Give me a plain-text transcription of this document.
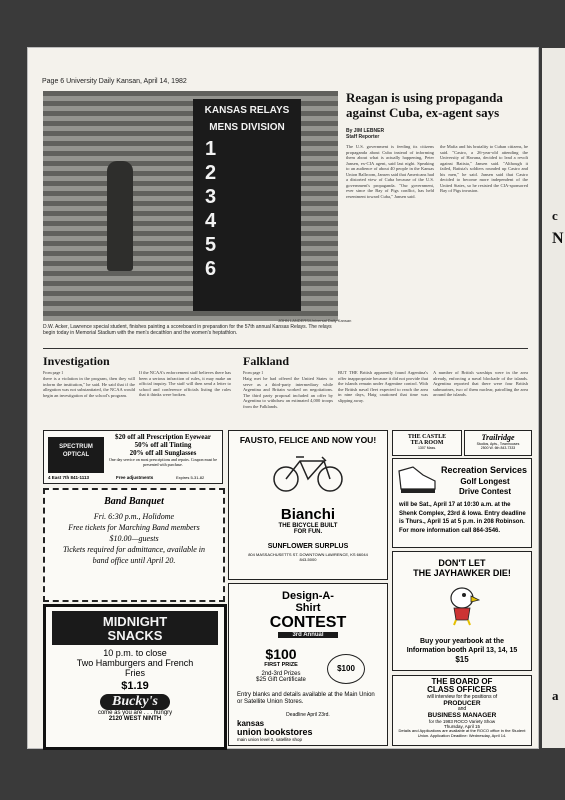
Page 6 University Daily Kansan, April 14, 1982
KANSAS RELAYS
MENS DIVISION
1
2
3
4
5
6
JOHN LANDERS/Universal Daily Kansan
D.W. Acker, Lawrence special student, finishes painting a scoreboard in preparation for the 57th annual Kansas Relays. The relays begin today in Memorial Stadium with the men's decathlon and the women's heptathlon.
Reagan is using propaganda against Cuba, ex-agent says
By JIM LEBNER
Staff Reporter
The U.S. government is feeding its citizens propaganda about Cuba instead of informing them about what is actually happening, Peter Jansen, ex-CIA agent, said last night. Speaking to an audience of about 40 people in the Kansas Union Ballroom, Jansen said that Americans had a distorted view of Cuba because of the U.S. government's propaganda. "Our government, ever since the Bay of Pigs conflict, has held resentment toward Cuba," Jansen said.
the Mafia and his brutality to Cuban citizens, he said. "Castro, a 26-year-old attending the University of Havana, decided to lead a revolt against Batista," Jansen said. "Although it failed, Batista's soldiers rounded up Castro and his men," he said. Jansen said that Castro decided to become more independent of the United States, so he resisted the CIA-sponsored Bay of Pigs invasion.
Investigation
From page 1
there is a violation in the program, then they will inform the institution," he said. He said that if the allegation was not substantiated, the NCAA would begin an investigation of the school's program.
If the NCAA's enforcement staff believes there has been a serious infraction of rules, it may make an official inquiry. The staff will then send a letter to school and conference officials listing the rules that it thinks were broken.
Falkland
From page 1
Haig met he had offered the United States to serve as a third-party intermediary while Argentina and Britain worked on negotiations. The third party proposal included an offer by Argentina to withdraw an estimated 4,000 troops from the Falklands.
BUT THE British apparently found Argentina's offer inappropriate because it did not provide that the islands remain under Argentine control. With the British naval fleet expected to reach the area in nine days, Haig cautioned that time was slipping away.
A number of British warships were in the area already, enforcing a naval blockade of the islands. Argentina reported that there were four British submarines, two of them nuclear, patrolling the area around the islands.
SPECTRUM OPTICAL
$20 off all Prescription Eyewear
50% off all Tinting
20% off all Sunglasses
One day service on most prescriptions and repairs. Coupon must be presented with purchase.
4 East 7th 841-1113	Free adjustments	Expires 5-31-82
Band Banquet
Fri. 6:30 p.m., Holidome
Free tickets for Marching Band members
$10.00—guests
Tickets required for admittance, available in band office until April 20.
MIDNIGHT
SNACKS
10 p.m. to close
Two Hamburgers and French Fries
$1.19
Bucky's
come as you are . . . hungry
2120 WEST NINTH
FAUSTO, FELICE AND NOW YOU!
Bianchi
THE BICYCLE BUILT
FOR FUN.
SUNFLOWER SURPLUS
804 MASSACHUSETTS ST. DOWNTOWN LAWRENCE, KS 66044
843-5000
Design-A-
Shirt
CONTEST
3rd Annual
$100
FIRST PRIZE
2nd-3rd Prizes
$25 Gift Certificate
$100
Entry blanks and details available at the Main Union or Satellite Union Stores.
Deadline April 23rd.
kansas
union bookstores
main union level 2, satellite shop
THE CASTLE
TEA ROOM
1307 Mass.
Trailridge
Studios, Apts., Townhouses
2500 W. 6th 843-7333
Recreation Services
Golf Longest
Drive Contest
will be Sat., April 17 at 10:30 a.m. at the Shenk Complex, 23rd & Iowa. Entry deadline is Thurs., April 15 at 5 p.m. in 208 Robinson. For more information call 864-3546.
DON'T LET
THE JAYHAWKER DIE!
Buy your yearbook at the Information booth April 13, 14, 15
$15
THE BOARD OF
CLASS OFFICERS
will interview for the positions of
PRODUCER
and
BUSINESS MANAGER
for the 1983 ROCO Variety Show
Thursday, April 15
Details and Applications are available at the ROCO office in the Student Union. Application Deadline: Wednesday, April 14.
c
N
a
